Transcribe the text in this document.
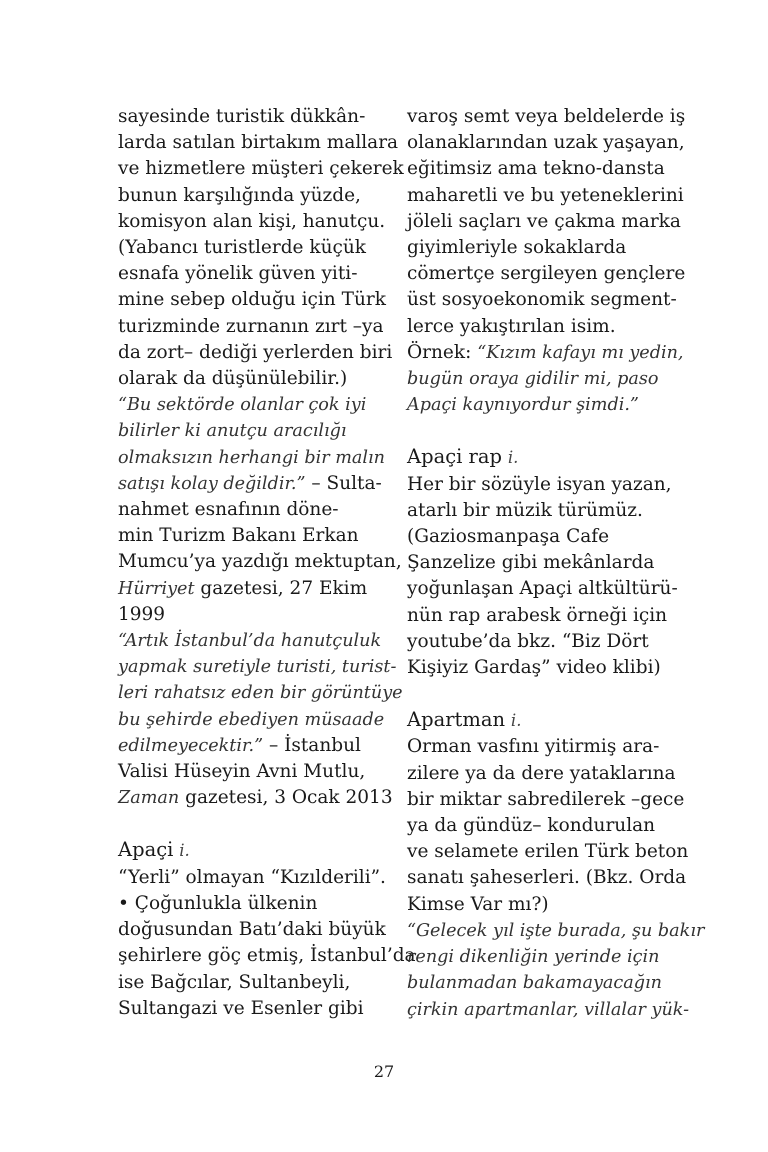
sayesinde turistik dükkân-
larda satılan birtakım mallara
ve hizmetlere müşteri çekerek
bunun karşılığında yüzde,
komisyon alan kişi, hanutçu.
(Yabancı turistlerde küçük
esnafa yönelik güven yiti-
mine sebep olduğu için Türk
turizminde zurnanın zırt –ya
da zort– dediği yerlerden biri
olarak da düşünülebilir.)
“Bu sektörde olanlar çok iyi
bilirler ki anutçu aracılığı
olmaksızın herhangi bir malın
satışı kolay değildir.” – Sulta-
nahmet esnafının döne-
min Turizm Bakanı Erkan
Mumcu’ya yazdığı mektuptan,
Hürriyet gazetesi, 27 Ekim
1999
“Artık İstanbul’da hanutçuluk
yapmak suretiyle turisti, turist-
leri rahatsız eden bir görüntüye
bu şehirde ebediyen müsaade
edilmeyecektir.” – İstanbul
Valisi Hüseyin Avni Mutlu,
Zaman gazetesi, 3 Ocak 2013
Apaçi i.
“Yerli” olmayan “Kızılderili”.
• Çoğunlukla ülkenin
doğusundan Batı’daki büyük
şehirlere göç etmiş, İstanbul’da
ise Bağcılar, Sultanbeyli,
Sultangazi ve Esenler gibi
varoş semt veya beldelerde iş
olanaklarından uzak yaşayan,
eğitimsiz ama tekno-dansta
maharetli ve bu yeteneklerini
jöleli saçları ve çakma marka
giyimleriyle sokaklarda
cömertçe sergileyen gençlere
üst sosyoekonomik segment-
lerce yakıştırılan isim.
Örnek: “Kızım kafayı mı yedin,
bugün oraya gidilir mi, paso
Apaçi kaynıyordur şimdi.”
Apaçi rap i.
Her bir sözüyle isyan yazan,
atarlı bir müzik türümüz.
(Gaziosmanpaşa Cafe
Şanzelize gibi mekânlarda
yoğunlaşan Apaçi altkültürü-
nün rap arabesk örneği için
youtube’da bkz. “Biz Dört
Kişiyiz Gardaş” video klibi)
Apartman i.
Orman vasfını yitirmiş ara-
zilere ya da dere yataklarına
bir miktar sabredilerek –gece
ya da gündüz– kondurulan
ve selamete erilen Türk beton
sanatı şaheserleri. (Bkz. Orda
Kimse Var mı?)
“Gelecek yıl işte burada, şu bakır
rengi dikenliğin yerinde için
bulanmadan bakamayacağın
çirkin apartmanlar, villalar yük-
27
